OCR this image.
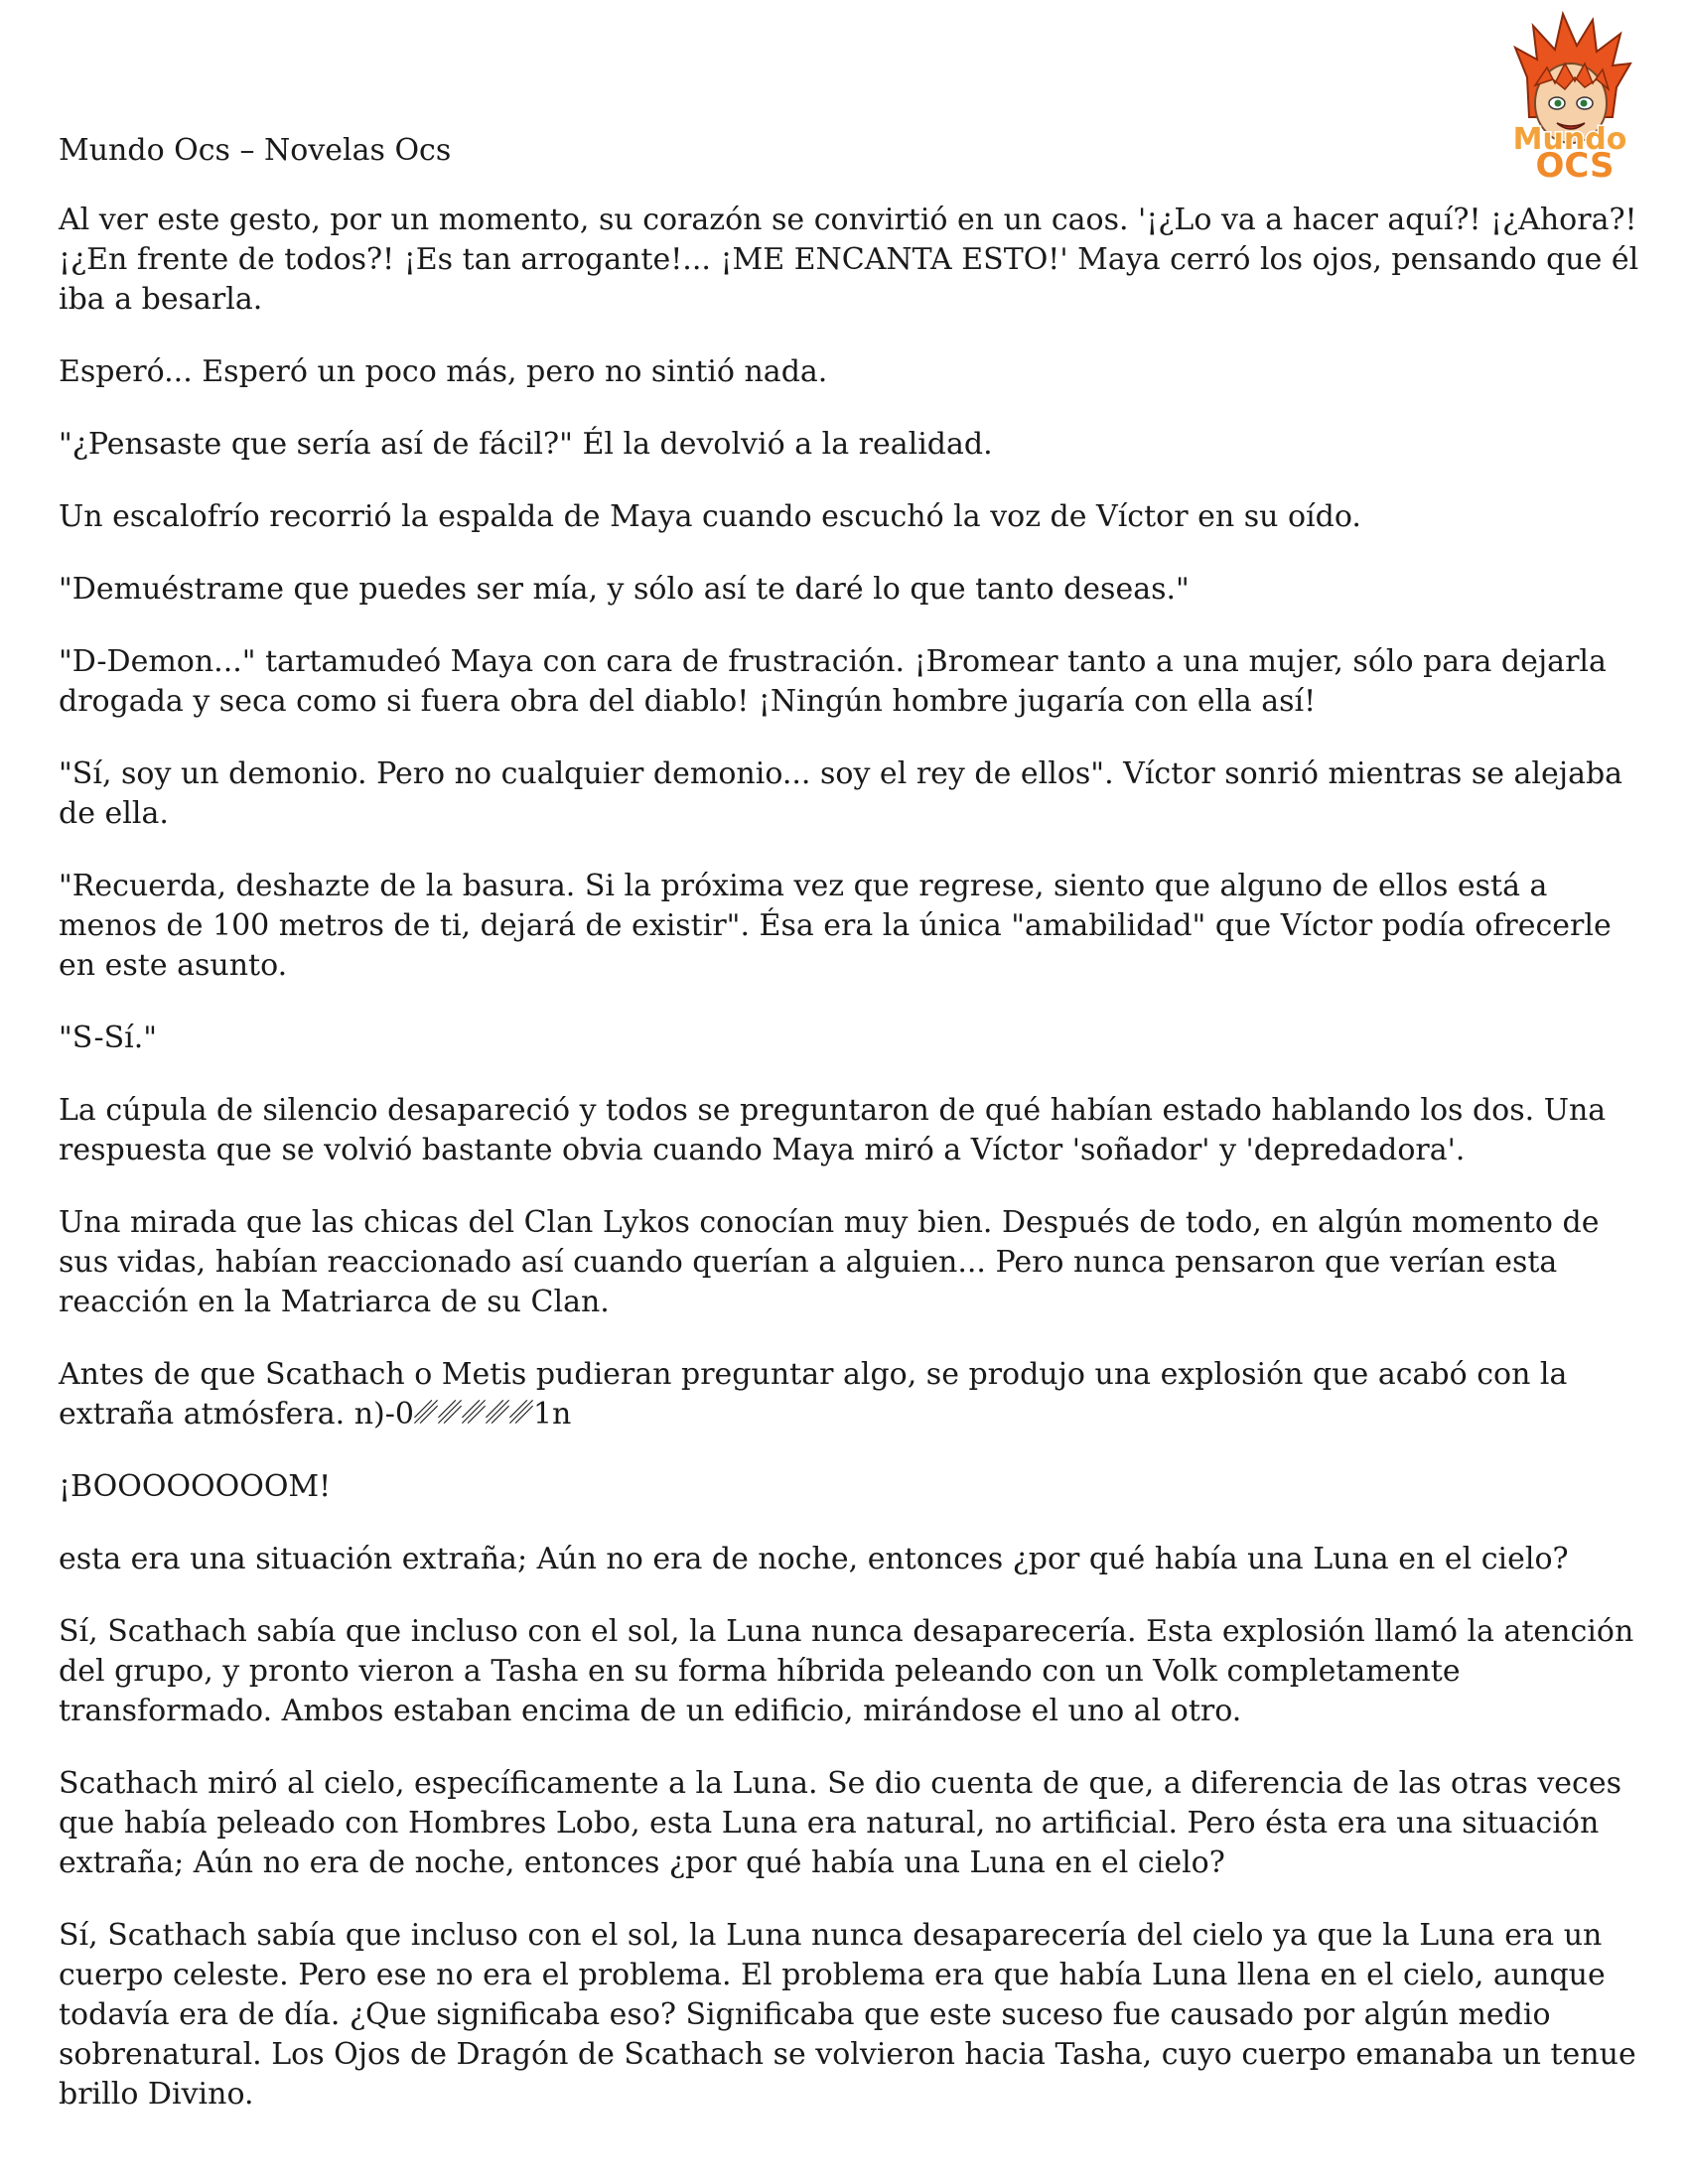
Mundo Ocs – Novelas Ocs

Al ver este gesto, por un momento, su corazón se convirtió en un caos. '¡¿Lo va a hacer aquí?! ¡¿Ahora?! ¡¿En frente de todos?! ¡Es tan arrogante!... ¡ME ENCANTA ESTO!' Maya cerró los ojos, pensando que él iba a besarla.

Esperó... Esperó un poco más, pero no sintió nada.

"¿Pensaste que sería así de fácil?" Él la devolvió a la realidad.

Un escalofrío recorrió la espalda de Maya cuando escuchó la voz de Víctor en su oído.

"Demuéstrame que puedes ser mía, y sólo así te daré lo que tanto deseas."

"D-Demon..." tartamudeó Maya con cara de frustración. ¡Bromear tanto a una mujer, sólo para dejarla drogada y seca como si fuera obra del diablo! ¡Ningún hombre jugaría con ella así!

"Sí, soy un demonio. Pero no cualquier demonio... soy el rey de ellos". Víctor sonrió mientras se alejaba de ella.

"Recuerda, deshazte de la basura. Si la próxima vez que regrese, siento que alguno de ellos está a menos de 100 metros de ti, dejará de existir". Ésa era la única "amabilidad" que Víctor podía ofrecerle en este asunto.

"S-Sí."

La cúpula de silencio desapareció y todos se preguntaron de qué habían estado hablando los dos. Una respuesta que se volvió bastante obvia cuando Maya miró a Víctor 'soñador' y 'depredadora'.

Una mirada que las chicas del Clan Lykos conocían muy bien. Después de todo, en algún momento de sus vidas, habían reaccionado así cuando querían a alguien... Pero nunca pensaron que verían esta reacción en la Matriarca de su Clan.

Antes de que Scathach o Metis pudieran preguntar algo, se produjo una explosión que acabó con la extraña atmósfera. n)-0␥␥␥␥␥1n

¡BOOOOOOOOM!

esta era una situación extraña; Aún no era de noche, entonces ¿por qué había una Luna en el cielo?

Sí, Scathach sabía que incluso con el sol, la Luna nunca desaparecería. Esta explosión llamó la atención del grupo, y pronto vieron a Tasha en su forma híbrida peleando con un Volk completamente transformado. Ambos estaban encima de un edificio, mirándose el uno al otro.

Scathach miró al cielo, específicamente a la Luna. Se dio cuenta de que, a diferencia de las otras veces que había peleado con Hombres Lobo, esta Luna era natural, no artificial. Pero ésta era una situación extraña; Aún no era de noche, entonces ¿por qué había una Luna en el cielo?

Sí, Scathach sabía que incluso con el sol, la Luna nunca desaparecería del cielo ya que la Luna era un cuerpo celeste. Pero ese no era el problema. El problema era que había Luna llena en el cielo, aunque todavía era de día. ¿Que significaba eso? Significaba que este suceso fue causado por algún medio sobrenatural. Los Ojos de Dragón de Scathach se volvieron hacia Tasha, cuyo cuerpo emanaba un tenue brillo Divino.

Mundo
OCS
